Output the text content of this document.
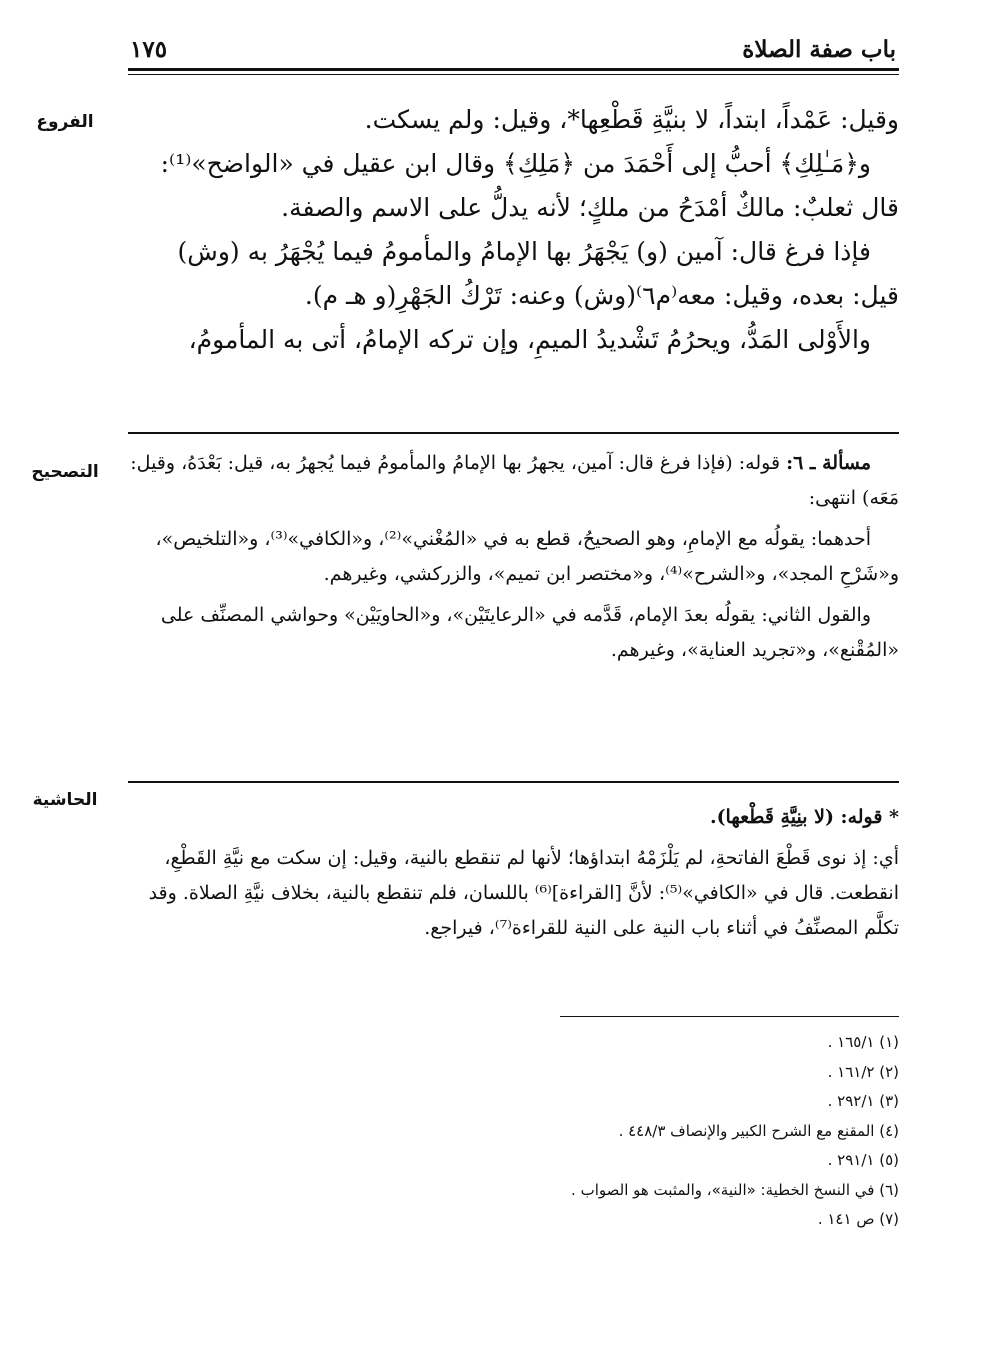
باب صفة الصلاة
١٧٥
الفروع
التصحيح
الحاشية

وقيل: عَمْداً، ابتداً، لا بنيَّةِ قَطْعِها*، وقيل: ولم يسكت.

و﴿مَـٰلِكِ﴾ أحبُّ إلى أَحْمَدَ من ﴿مَلِكِ﴾ وقال ابن عقيل في «الواضح»⁽¹⁾: قال ثعلبٌ: مالكٌ أمْدَحُ من ملكٍ؛ لأنه يدلُّ على الاسم والصفة.

فإذا فرغ قال: آمين (و) يَجْهَرُ بها الإمامُ والمأمومُ فيما يُجْهَرُ به (وش) قيل: بعده، وقيل: معه⁽م٦⁾(وش) وعنه: تَرْكُ الجَهْرِ(و هـ م).

والأَوْلى المَدُّ، ويحرُمُ تَشْديدُ الميمِ، وإن تركه الإمامُ، أتى به المأمومُ،

مسألة ـ ٦: قوله: (فإذا فرغ قال: آمين، يجهرُ بها الإمامُ والمأمومُ فيما يُجهرُ به، قيل: بَعْدَهُ، وقيل: مَعَه) انتهى:

أحدهما: يقولُه مع الإمامِ، وهو الصحيحُ، قطع به في «المُغْني»⁽²⁾، و«الكافي»⁽³⁾، و«التلخيص»، و«شَرْحِ المجد»، و«الشرح»⁽⁴⁾، و«مختصر ابن تميم»، والزركشي، وغيرهم.

والقول الثاني: يقولُه بعدَ الإمام، قَدَّمه في «الرعايتَيْن»، و«الحاويَيْن» وحواشي المصنِّف على «المُقْنع»، و«تجريد العناية»، وغيرهم.

* قوله: (لا بنِيَّةِ قَطْعها).

أي: إذ نوى قَطْعَ الفاتحةِ، لم يَلْزَمْهُ ابتداؤها؛ لأنها لم تنقطع بالنية، وقيل: إن سكت مع نيَّةِ القَطْعِ، انقطعت. قال في «الكافي»⁽⁵⁾: لأنَّ [القراءة]⁽⁶⁾ باللسان، فلم تنقطع بالنية، بخلاف نيَّةِ الصلاة. وقد تكلَّم المصنِّفُ في أثناء باب النية على النية للقراءة⁽⁷⁾، فيراجع.

(١) ١٦٥/١ .
(٢) ١٦١/٢ .
(٣) ٢٩٢/١ .
(٤) المقنع مع الشرح الكبير والإنصاف ٤٤٨/٣ .
(٥) ٢٩١/١ .
(٦) في النسخ الخطية: «النية»، والمثبت هو الصواب .
(٧) ص ١٤١ .
